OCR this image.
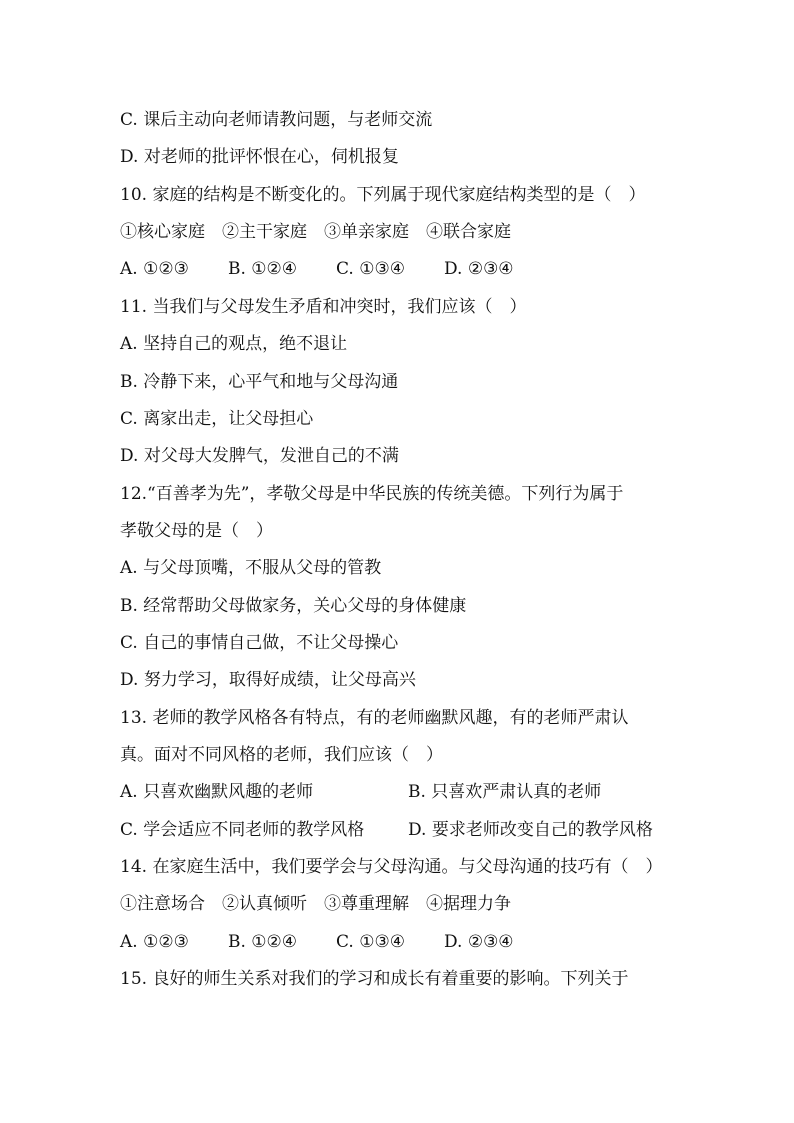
C. 课后主动向老师请教问题，与老师交流
D. 对老师的批评怀恨在心，伺机报复
10. 家庭的结构是不断变化的。下列属于现代家庭结构类型的是（　）
①核心家庭　②主干家庭　③单亲家庭　④联合家庭
A. ①②③ B. ①②④ C. ①③④ D. ②③④
11. 当我们与父母发生矛盾和冲突时，我们应该（　）
A. 坚持自己的观点，绝不退让
B. 冷静下来，心平气和地与父母沟通
C. 离家出走，让父母担心
D. 对父母大发脾气，发泄自己的不满
12.“百善孝为先”，孝敬父母是中华民族的传统美德。下列行为属于
孝敬父母的是（　）
A. 与父母顶嘴，不服从父母的管教
B. 经常帮助父母做家务，关心父母的身体健康
C. 自己的事情自己做，不让父母操心
D. 努力学习，取得好成绩，让父母高兴
13. 老师的教学风格各有特点，有的老师幽默风趣，有的老师严肃认
真。面对不同风格的老师，我们应该（　）
A. 只喜欢幽默风趣的老师	B. 只喜欢严肃认真的老师
C. 学会适应不同老师的教学风格	D. 要求老师改变自己的教学风格
14. 在家庭生活中，我们要学会与父母沟通。与父母沟通的技巧有（　）
①注意场合　②认真倾听　③尊重理解　④据理力争
A. ①②③ B. ①②④ C. ①③④ D. ②③④
15. 良好的师生关系对我们的学习和成长有着重要的影响。下列关于
